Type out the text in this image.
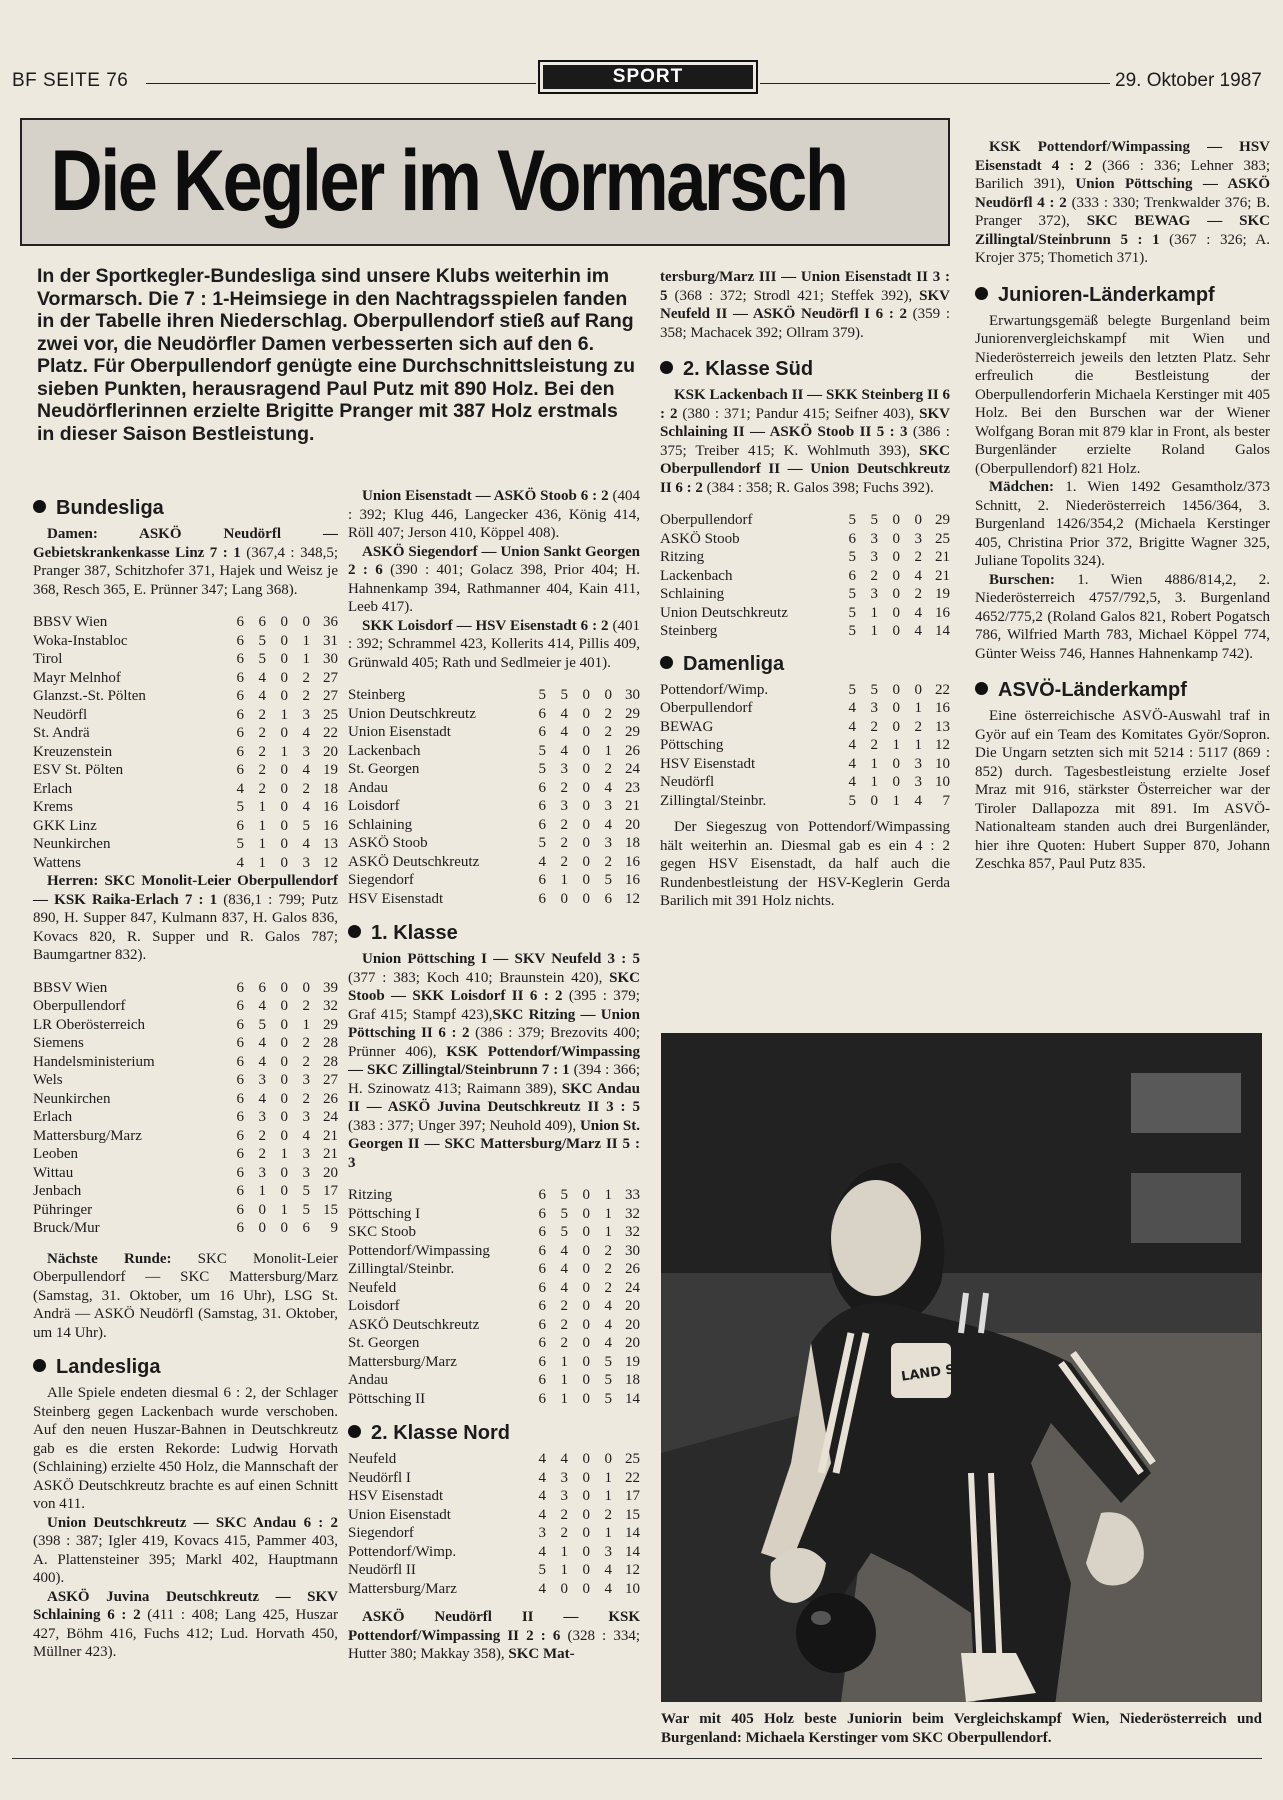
BF SEITE 76	SPORT	29. Oktober 1987
Die Kegler im Vormarsch
In der Sportkegler-Bundesliga sind unsere Klubs weiterhin im Vormarsch. Die 7 : 1-Heimsiege in den Nachtragsspielen fanden in der Tabelle ihren Niederschlag. Oberpullendorf stieß auf Rang zwei vor, die Neudörfler Damen verbesserten sich auf den 6. Platz. Für Oberpullendorf genügte eine Durchschnittsleistung zu sieben Punkten, herausragend Paul Putz mit 890 Holz. Bei den Neudörflerinnen erzielte Brigitte Pranger mit 387 Holz erstmals in dieser Saison Bestleistung.
Bundesliga

Damen: ASKÖ Neudörfl — Gebietskrankenkasse Linz 7 : 1 (367,4 : 348,5; Pranger 387, Schitzhofer 371, Hajek und Weisz je 368, Resch 365, E. Prünner 347; Lang 368).

BBSV Wien	6	6	0	0	36
Woka-Instabloc	6	5	0	1	31
Tirol	6	5	0	1	30
Mayr Melnhof	6	4	0	2	27
Glanzst.-St. Pölten	6	4	0	2	27
Neudörfl	6	2	1	3	25
St. Andrä	6	2	0	4	22
Kreuzenstein	6	2	1	3	20
ESV St. Pölten	6	2	0	4	19
Erlach	4	2	0	2	18
Krems	5	1	0	4	16
GKK Linz	6	1	0	5	16
Neunkirchen	5	1	0	4	13
Wattens	4	1	0	3	12

Herren: SKC Monolit-Leier Oberpullendorf — KSK Raika-Erlach 7 : 1 (836,1 : 799; Putz 890, H. Supper 847, Kulmann 837, H. Galos 836, Kovacs 820, R. Supper und R. Galos 787; Baumgartner 832).

BBSV Wien	6	6	0	0	39
Oberpullendorf	6	4	0	2	32
LR Oberösterreich	6	5	0	1	29
Siemens	6	4	0	2	28
Handelsministerium	6	4	0	2	28
Wels	6	3	0	3	27
Neunkirchen	6	4	0	2	26
Erlach	6	3	0	3	24
Mattersburg/Marz	6	2	0	4	21
Leoben	6	2	1	3	21
Wittau	6	3	0	3	20
Jenbach	6	1	0	5	17
Pühringer	6	0	1	5	15
Bruck/Mur	6	0	0	6	9

Nächste Runde: SKC Monolit-Leier Oberpullendorf — SKC Mattersburg/Marz (Samstag, 31. Oktober, um 16 Uhr), LSG St. Andrä — ASKÖ Neudörfl (Samstag, 31. Oktober, um 14 Uhr).

Landesliga

Alle Spiele endeten diesmal 6 : 2, der Schlager Steinberg gegen Lackenbach wurde verschoben. Auf den neuen Huszar-Bahnen in Deutschkreutz gab es die ersten Rekorde: Ludwig Horvath (Schlaining) erzielte 450 Holz, die Mannschaft der ASKÖ Deutschkreutz brachte es auf einen Schnitt von 411.

Union Deutschkreutz — SKC Andau 6 : 2 (398 : 387; Igler 419, Kovacs 415, Pammer 403, A. Plattensteiner 395; Markl 402, Hauptmann 400).

ASKÖ Juvina Deutschkreutz — SKV Schlaining 6 : 2 (411 : 408; Lang 425, Huszar 427, Böhm 416, Fuchs 412; Lud. Horvath 450, Müllner 423).

Union Eisenstadt — ASKÖ Stoob 6 : 2 (404 : 392; Klug 446, Langecker 436, König 414, Röll 407; Jerson 410, Köppel 408).

ASKÖ Siegendorf — Union Sankt Georgen 2 : 6 (390 : 401; Golacz 398, Prior 404; H. Hahnenkamp 394, Rathmanner 404, Kain 411, Leeb 417).

SKK Loisdorf — HSV Eisenstadt 6 : 2 (401 : 392; Schrammel 423, Kollerits 414, Pillis 409, Grünwald 405; Rath und Sedlmeier je 401).

Steinberg	5	5	0	0	30
Union Deutschkreutz	6	4	0	2	29
Union Eisenstadt	6	4	0	2	29
Lackenbach	5	4	0	1	26
St. Georgen	5	3	0	2	24
Andau	6	2	0	4	23
Loisdorf	6	3	0	3	21
Schlaining	6	2	0	4	20
ASKÖ Stoob	5	2	0	3	18
ASKÖ Deutschkreutz	4	2	0	2	16
Siegendorf	6	1	0	5	16
HSV Eisenstadt	6	0	0	6	12
1. Klasse

Union Pöttsching I — SKV Neufeld 3 : 5 (377 : 383; Koch 410; Braunstein 420), SKC Stoob — SKK Loisdorf II 6 : 2 (395 : 379; Graf 415; Stampf 423),SKC Ritzing — Union Pöttsching II 6 : 2 (386 : 379; Brezovits 400; Prünner 406), KSK Pottendorf/Wimpassing — SKC Zillingtal/Steinbrunn 7 : 1 (394 : 366; H. Szinowatz 413; Raimann 389), SKC Andau II — ASKÖ Juvina Deutschkreutz II 3 : 5 (383 : 377; Unger 397; Neuhold 409), Union St. Georgen II — SKC Mattersburg/Marz II 5 : 3

Ritzing	6	5	0	1	33
Pöttsching I	6	5	0	1	32
SKC Stoob	6	5	0	1	32
Pottendorf/Wimpassing	6	4	0	2	30
Zillingtal/Steinbr.	6	4	0	2	26
Neufeld	6	4	0	2	24
Loisdorf	6	2	0	4	20
ASKÖ Deutschkreutz	6	2	0	4	20
St. Georgen	6	2	0	4	20
Mattersburg/Marz	6	1	0	5	19
Andau	6	1	0	5	18
Pöttsching II	6	1	0	5	14
2. Klasse Nord
Neufeld	4	4	0	0	25
Neudörfl I	4	3	0	1	22
HSV Eisenstadt	4	3	0	1	17
Union Eisenstadt	4	2	0	2	15
Siegendorf	3	2	0	1	14
Pottendorf/Wimp.	4	1	0	3	14
Neudörfl II	5	1	0	4	12
Mattersburg/Marz	4	0	0	4	10

ASKÖ Neudörfl II — KSK Pottendorf/Wimpassing II 2 : 6 (328 : 334; Hutter 380; Makkay 358), SKC Mat-

tersburg/Marz III — Union Eisenstadt II 3 : 5 (368 : 372; Strodl 421; Steffek 392), SKV Neufeld II — ASKÖ Neudörfl I 6 : 2 (359 : 358; Machacek 392; Ollram 379).

2. Klasse Süd

KSK Lackenbach II — SKK Steinberg II 6 : 2 (380 : 371; Pandur 415; Seifner 403), SKV Schlaining II — ASKÖ Stoob II 5 : 3 (386 : 375; Treiber 415; K. Wohlmuth 393), SKC Oberpullendorf II — Union Deutschkreutz II 6 : 2 (384 : 358; R. Galos 398; Fuchs 392).

Oberpullendorf	5	5	0	0	29
ASKÖ Stoob	6	3	0	3	25
Ritzing	5	3	0	2	21
Lackenbach	6	2	0	4	21
Schlaining	5	3	0	2	19
Union Deutschkreutz	5	1	0	4	16
Steinberg	5	1	0	4	14
Damenliga
Pottendorf/Wimp.	5	5	0	0	22
Oberpullendorf	4	3	0	1	16
BEWAG	4	2	0	2	13
Pöttsching	4	2	1	1	12
HSV Eisenstadt	4	1	0	3	10
Neudörfl	4	1	0	3	10
Zillingtal/Steinbr.	5	0	1	4	7

Der Siegeszug von Pottendorf/Wimpassing hält weiterhin an. Diesmal gab es ein 4 : 2 gegen HSV Eisenstadt, da half auch die Rundenbestleistung der HSV-Keglerin Gerda Barilich mit 391 Holz nichts.

KSK Pottendorf/Wimpassing — HSV Eisenstadt 4 : 2 (366 : 336; Lehner 383; Barilich 391), Union Pöttsching — ASKÖ Neudörfl 4 : 2 (333 : 330; Trenkwalder 376; B. Pranger 372), SKC BEWAG — SKC Zillingtal/Steinbrunn 5 : 1 (367 : 326; A. Krojer 375; Thometich 371).

Junioren-Länderkampf

Erwartungsgemäß belegte Burgenland beim Juniorenvergleichskampf mit Wien und Niederösterreich jeweils den letzten Platz. Sehr erfreulich die Bestleistung der Oberpullendorferin Michaela Kerstinger mit 405 Holz. Bei den Burschen war der Wiener Wolfgang Boran mit 879 klar in Front, als bester Burgenländer erzielte Roland Galos (Oberpullendorf) 821 Holz.

Mädchen: 1. Wien 1492 Gesamtholz/373 Schnitt, 2. Niederösterreich 1456/364, 3. Burgenland 1426/354,2 (Michaela Kerstinger 405, Christina Prior 372, Brigitte Wagner 325, Juliane Topolits 324).

Burschen: 1. Wien 4886/814,2, 2. Niederösterreich 4757/792,5, 3. Burgenland 4652/775,2 (Roland Galos 821, Robert Pogatsch 786, Wilfried Marth 783, Michael Köppel 774, Günter Weiss 746, Hannes Hahnenkamp 742).

ASVÖ-Länderkampf

Eine österreichische ASVÖ-Auswahl traf in Györ auf ein Team des Komitates Györ/Sopron. Die Ungarn setzten sich mit 5214 : 5117 (869 : 852) durch. Tagesbestleistung erzielte Josef Mraz mit 916, stärkster Österreicher war der Tiroler Dallapozza mit 891. Im ASVÖ-Nationalteam standen auch drei Burgenländer, hier ihre Quoten: Hubert Supper 870, Johann Zeschka 857, Paul Putz 835.

LAND STEIRE
War mit 405 Holz beste Juniorin beim Vergleichskampf Wien, Niederösterreich und Burgenland: Michaela Kerstinger vom SKC Oberpullendorf.
